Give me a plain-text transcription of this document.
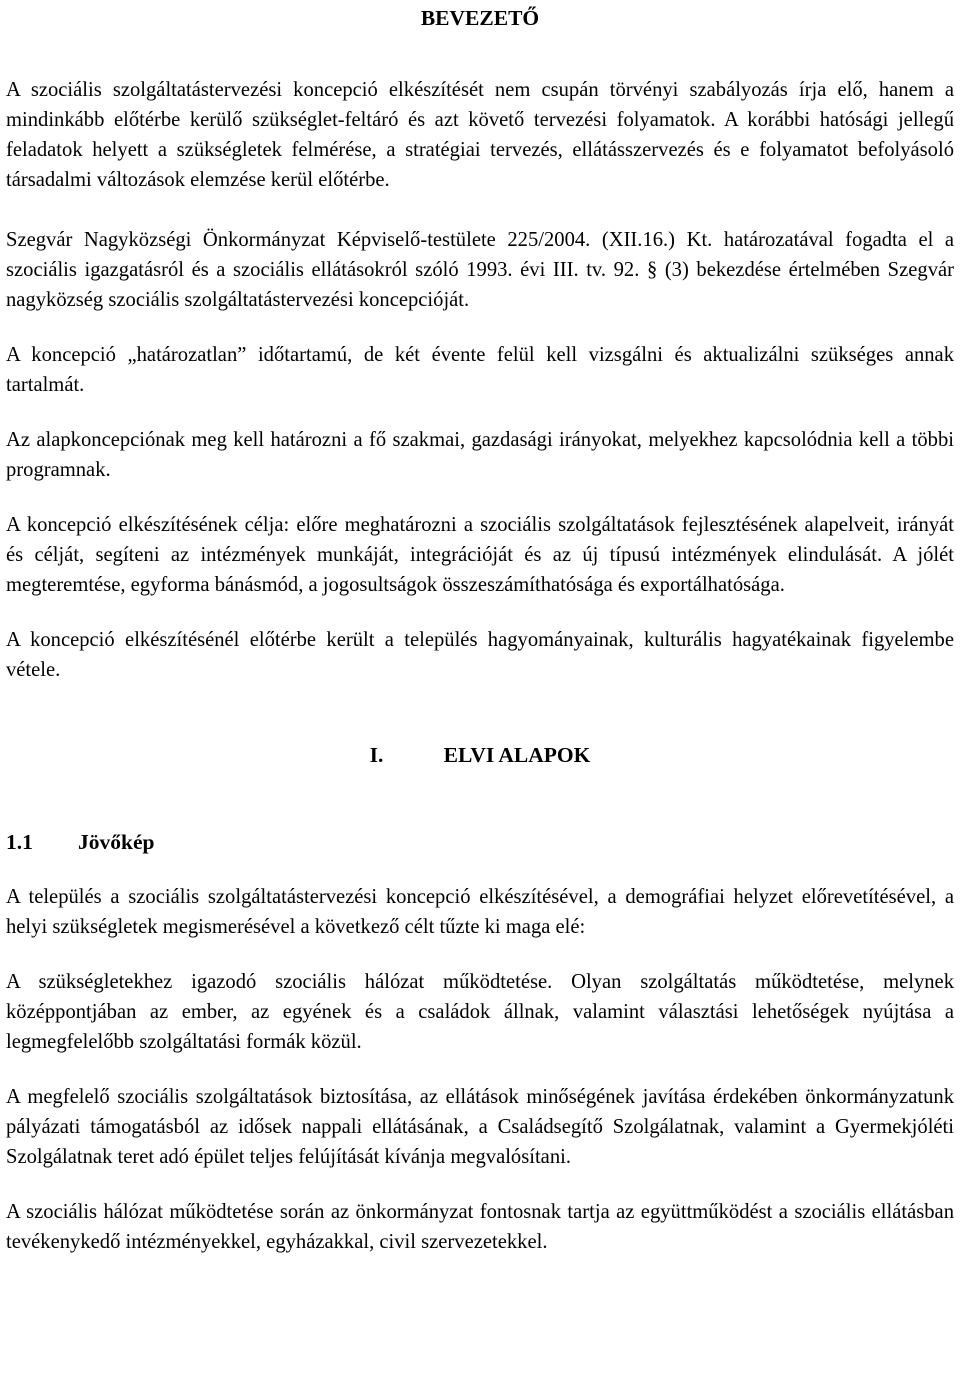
BEVEZETŐ

A szociális szolgáltatástervezési koncepció elkészítését nem csupán törvényi szabályozás írja elő, hanem a mindinkább előtérbe kerülő szükséglet-feltáró és azt követő tervezési folyamatok. A korábbi hatósági jellegű feladatok helyett a szükségletek felmérése, a stratégiai tervezés, ellátásszervezés és e folyamatot befolyásoló társadalmi változások elemzése kerül előtérbe.

Szegvár Nagyközségi Önkormányzat Képviselő-testülete 225/2004. (XII.16.) Kt. határozatával fogadta el a szociális igazgatásról és a szociális ellátásokról szóló 1993. évi III. tv. 92. § (3) bekezdése értelmében Szegvár nagyközség szociális szolgáltatástervezési koncepcióját.

A koncepció „határozatlan” időtartamú, de két évente felül kell vizsgálni és aktualizálni szükséges annak tartalmát.

Az alapkoncepciónak meg kell határozni a fő szakmai, gazdasági irányokat, melyekhez kapcsolódnia kell a többi programnak.

A koncepció elkészítésének célja: előre meghatározni a szociális szolgáltatások fejlesztésének alapelveit, irányát és célját, segíteni az intézmények munkáját, integrációját és az új típusú intézmények elindulását. A jólét megteremtése, egyforma bánásmód, a jogosultságok összeszámíthatósága és exportálhatósága.

A koncepció elkészítésénél előtérbe került a település hagyományainak, kulturális hagyatékainak figyelembe vétele.

I.	ELVI ALAPOK
1.1 Jövőkép

A település a szociális szolgáltatástervezési koncepció elkészítésével, a demográfiai helyzet előrevetítésével, a helyi szükségletek megismerésével a következő célt tűzte ki maga elé:

A szükségletekhez igazodó szociális hálózat működtetése. Olyan szolgáltatás működtetése, melynek középpontjában az ember, az egyének és a családok állnak, valamint választási lehetőségek nyújtása a legmegfelelőbb szolgáltatási formák közül.

A megfelelő szociális szolgáltatások biztosítása, az ellátások minőségének javítása érdekében önkormányzatunk pályázati támogatásból az idősek nappali ellátásának, a Családsegítő Szolgálatnak, valamint a Gyermekjóléti Szolgálatnak teret adó épület teljes felújítását kívánja megvalósítani.

A szociális hálózat működtetése során az önkormányzat fontosnak tartja az együttműködést a szociális ellátásban tevékenykedő intézményekkel, egyházakkal, civil szervezetekkel.
